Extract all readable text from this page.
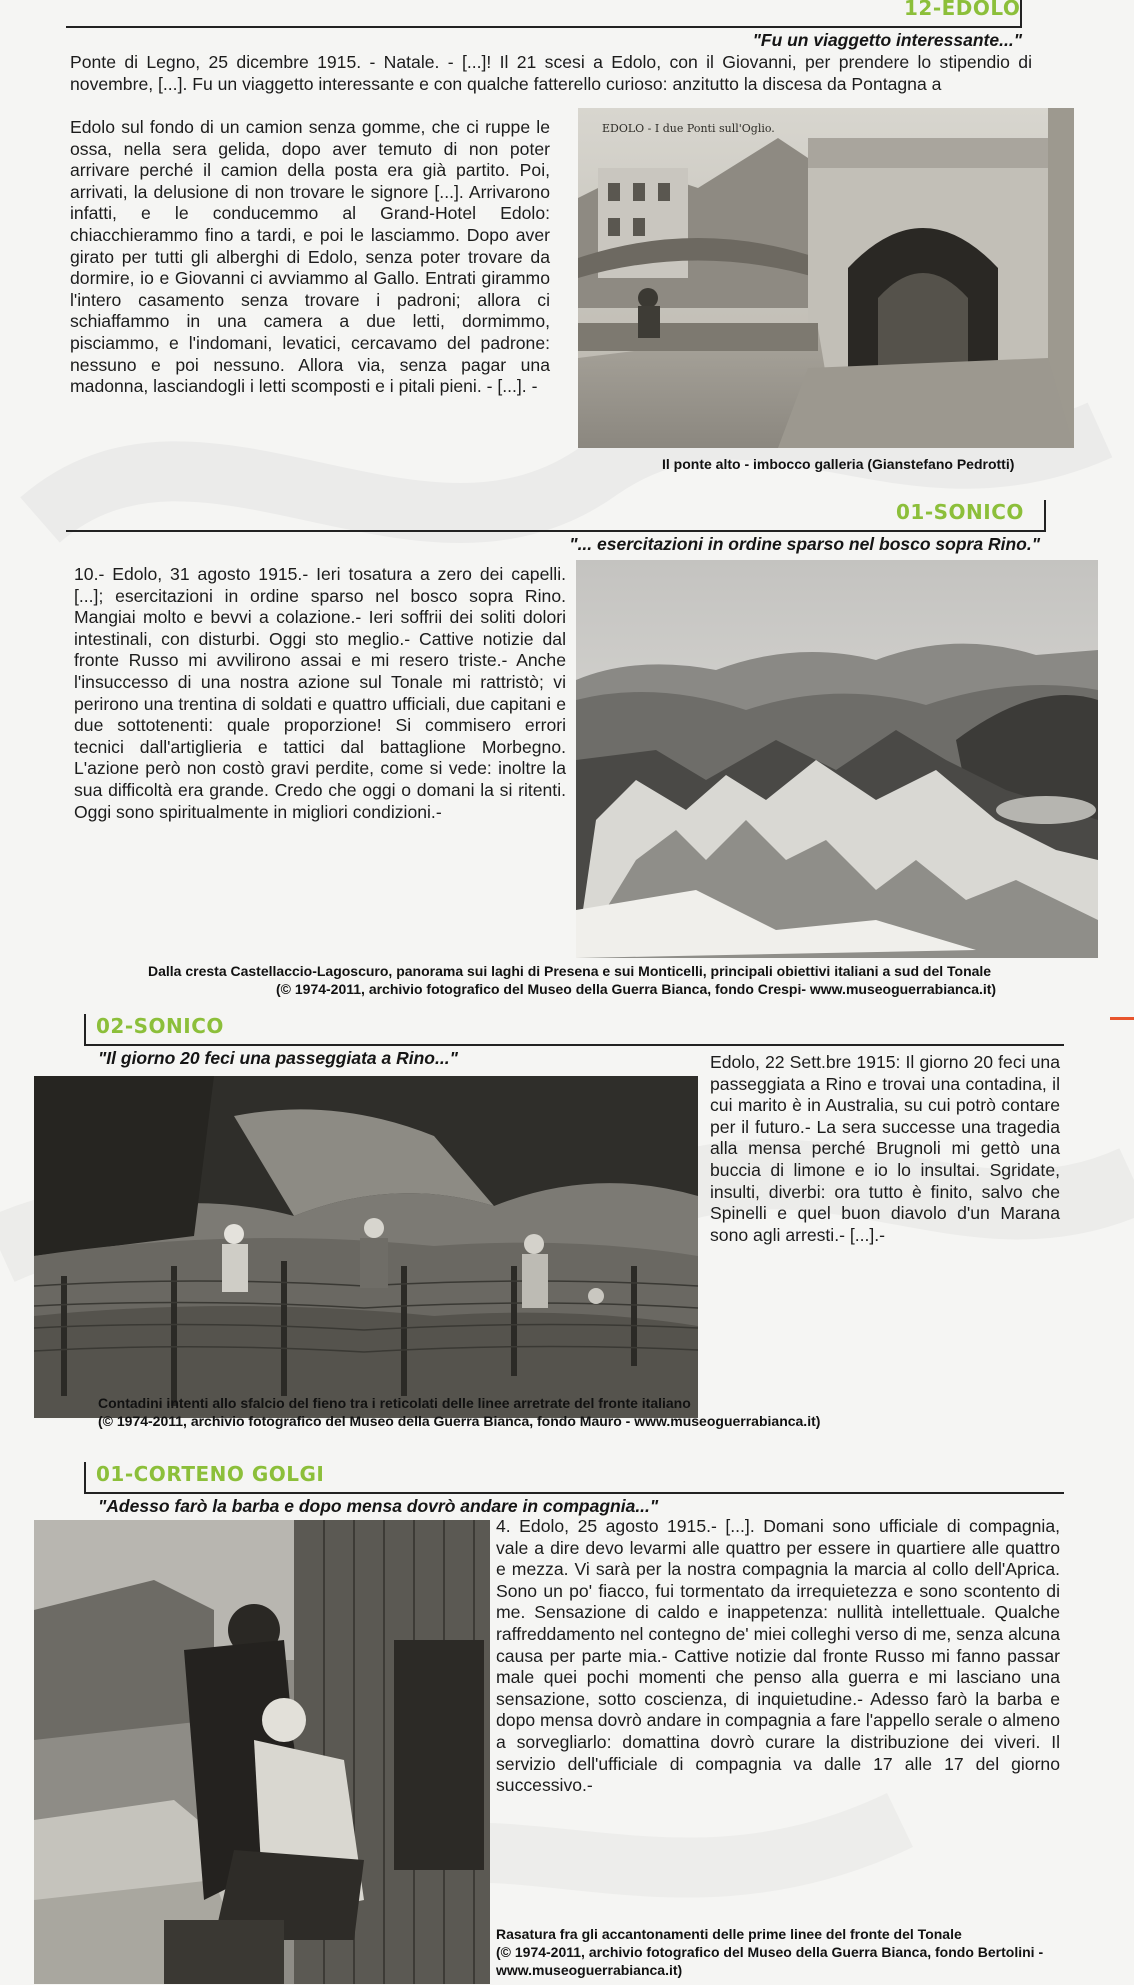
12-EDOLO
"Fu un viaggetto interessante..."

Ponte di Legno, 25 dicembre 1915. - Natale. - [...]! Il 21 scesi a Edolo, con il Giovanni, per prendere lo stipendio di novembre, [...]. Fu un viaggetto interessante e con qualche fatterello curioso: anzitutto la discesa da Pontagna a

Edolo sul fondo di un camion senza gomme, che ci ruppe le ossa, nella sera gelida, dopo aver temuto di non poter arrivare perché il camion della posta era già partito. Poi, arrivati, la delusione di non trovare le signore [...]. Arrivarono infatti, e le conducemmo al Grand-Hotel Edolo: chiacchierammo fino a tardi, e poi le lasciammo. Dopo aver girato per tutti gli alberghi di Edolo, senza poter trovare da dormire, io e Giovanni ci avviammo al Gallo. Entrati girammo l'intero casamento senza trovare i padroni; allora ci schiaffammo in una camera a due letti, dormimmo, pisciammo, e l'indomani, levatici, cercavamo del padrone: nessuno e poi nessuno. Allora via, senza pagar una madonna, lasciandogli i letti scomposti e i pitali pieni. - [...]. -

EDOLO - I due Ponti sull'Oglio.
Il ponte alto - imbocco galleria (Gianstefano Pedrotti)
01-SONICO
"... esercitazioni in ordine sparso nel bosco sopra Rino."

10.- Edolo, 31 agosto 1915.- Ieri tosatura a zero dei capelli. [...]; esercitazioni in ordine sparso nel bosco sopra Rino. Mangiai molto e bevvi a colazione.- Ieri soffrii dei soliti dolori intestinali, con disturbi. Oggi sto meglio.- Cattive notizie dal fronte Russo mi avvilirono assai e mi resero triste.- Anche l'insuccesso di una nostra azione sul Tonale mi rattristò; vi perirono una trentina di soldati e quattro ufficiali, due capitani e due sottotenenti: quale proporzione! Si commisero errori tecnici dall'artiglieria e tattici dal battaglione Morbegno. L'azione però non costò gravi perdite, come si vede: inoltre la sua difficoltà era grande. Credo che oggi o domani la si ritenti. Oggi sono spiritualmente in migliori condizioni.-

Dalla cresta Castellaccio-Lagoscuro, panorama sui laghi di Presena e sui Monticelli, principali obiettivi italiani a sud del Tonale
(© 1974-2011, archivio fotografico del Museo della Guerra Bianca, fondo Crespi- www.museoguerrabianca.it)
02-SONICO
"Il giorno 20 feci una passeggiata a Rino..."	Edolo, 22 Sett.bre 1915: Il giorno 20 feci una passeggiata a Rino e trovai una contadina, il cui marito è in Australia, su cui potrò contare per il futuro.- La sera successe una tragedia alla mensa perché Brugnoli mi gettò una buccia di limone e io lo insultai. Sgridate, insulti, diverbi: ora tutto è finito, salvo che Spinelli e quel buon diavolo d'un Marana sono agli arresti.- [...].-

Contadini intenti allo sfalcio del fieno tra i reticolati delle linee arretrate del fronte italiano
(© 1974-2011, archivio fotografico del Museo della Guerra Bianca, fondo Mauro - www.museoguerrabianca.it)
01-CORTENO GOLGI
"Adesso farò la barba e dopo mensa dovrò andare in compagnia..."

4. Edolo, 25 agosto 1915.- [...]. Domani sono ufficiale di compagnia, vale a dire devo levarmi alle quattro per essere in quartiere alle quattro e mezza. Vi sarà per la nostra compagnia la marcia al collo dell'Aprica. Sono un po' fiacco, fui tormentato da irrequietezza e sono scontento di me. Sensazione di caldo e inappetenza: nullità intellettuale. Qualche raffreddamento nel contegno de' miei colleghi verso di me, senza alcuna causa per parte mia.- Cattive notizie dal fronte Russo mi fanno passar male quei pochi momenti che penso alla guerra e mi lasciano una sensazione, sotto coscienza, di inquietudine.- Adesso farò la barba e dopo mensa dovrò andare in compagnia a fare l'appello serale o almeno a sorvegliarlo: domattina dovrò curare la distribuzione dei viveri. Il servizio dell'ufficiale di compagnia va dalle 17 alle 17 del giorno successivo.-

Rasatura fra gli accantonamenti delle prime linee del fronte del Tonale
(© 1974-2011, archivio fotografico del Museo della Guerra Bianca, fondo Bertolini - www.museoguerrabianca.it)
